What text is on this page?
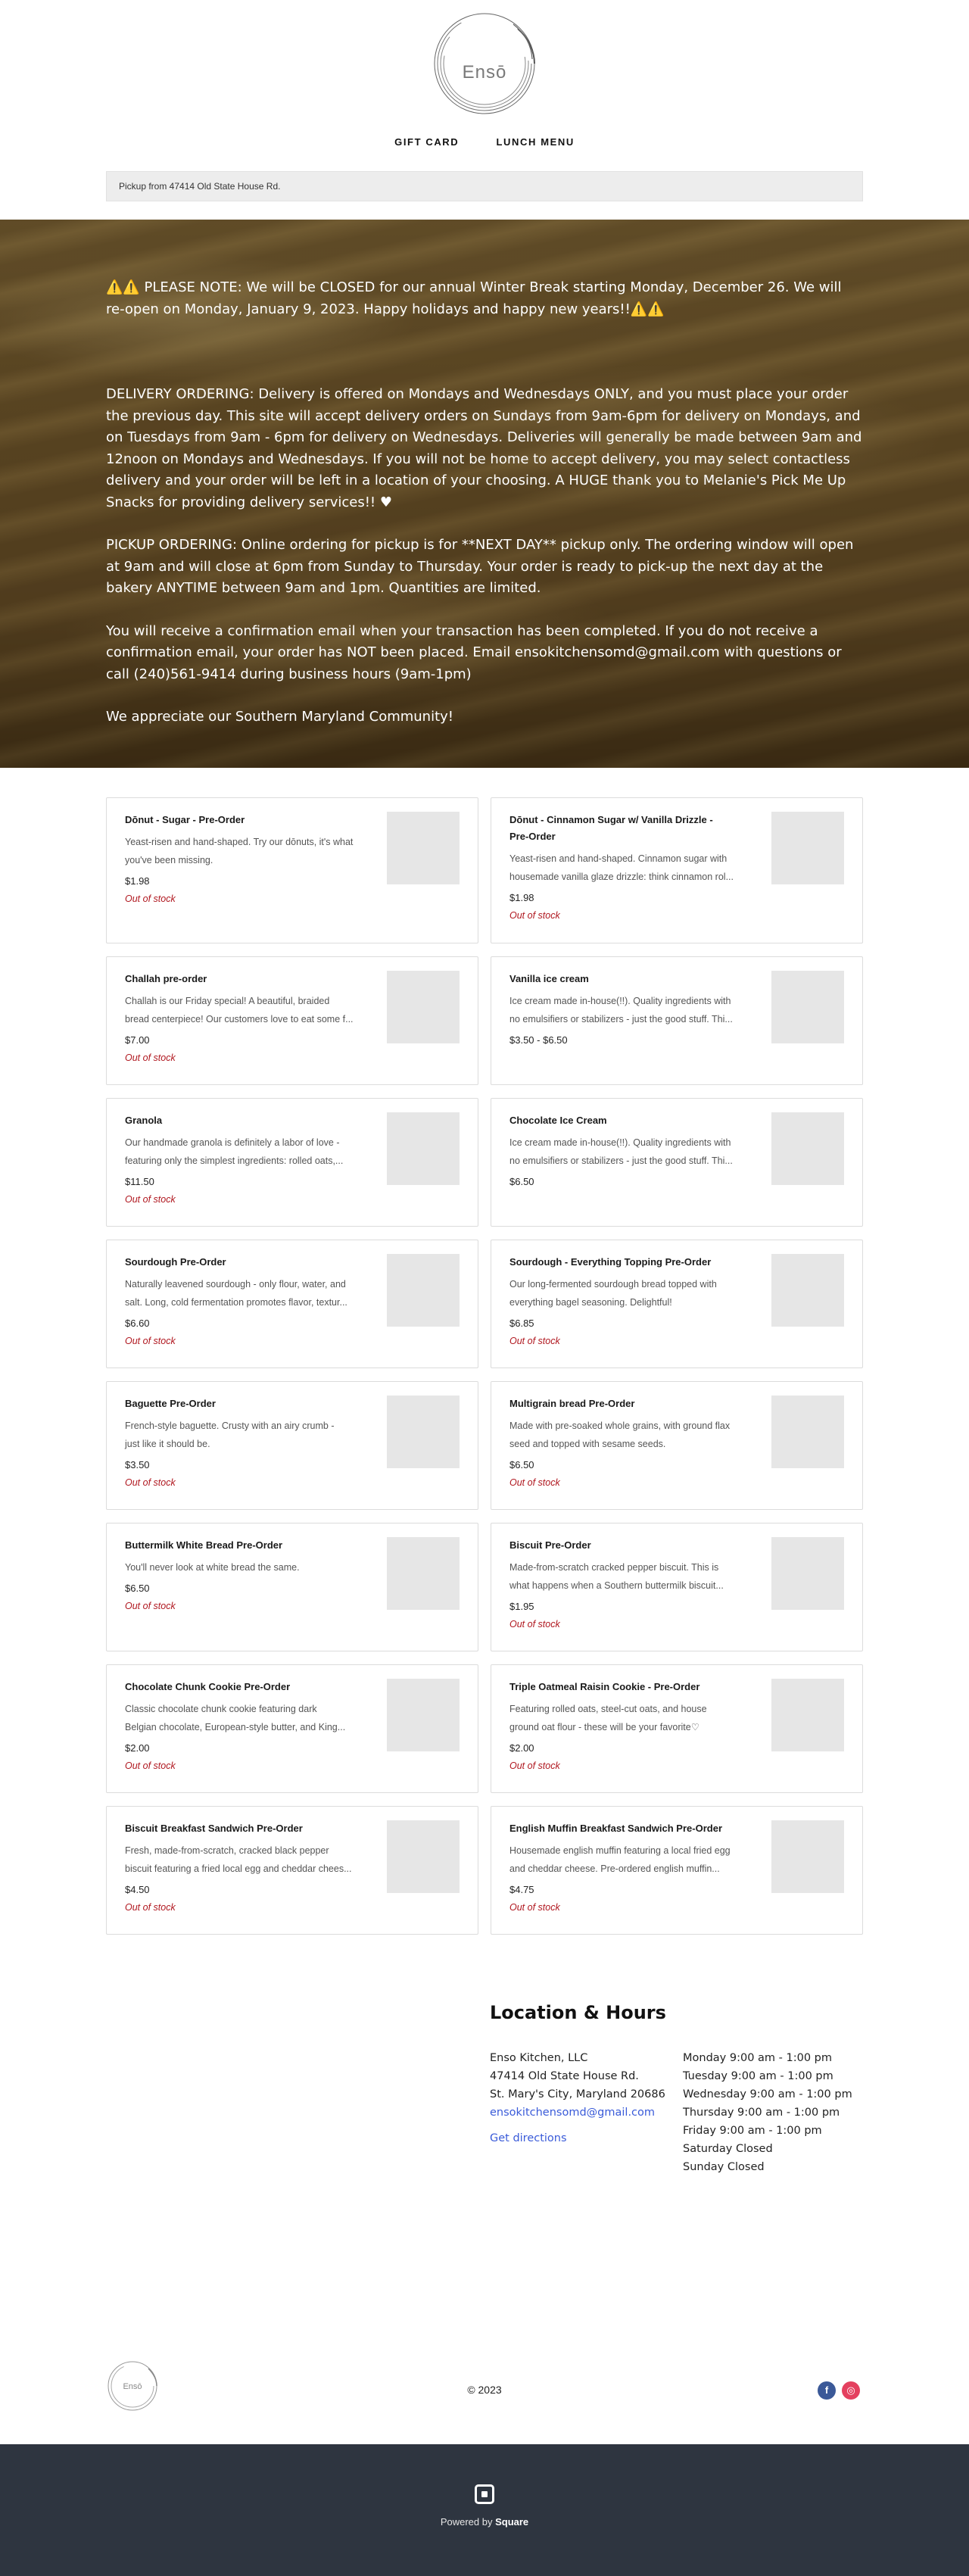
Ensō
GIFT CARD	LUNCH MENU
Pickup from 47414 Old State House Rd.

⚠️⚠️ PLEASE NOTE: We will be CLOSED for our annual Winter Break starting Monday, December 26. We will re-open on Monday, January 9, 2023. Happy holidays and happy new years!!⚠️⚠️

DELIVERY ORDERING: Delivery is offered on Mondays and Wednesdays ONLY, and you must place your order the previous day. This site will accept delivery orders on Sundays from 9am-6pm for delivery on Mondays, and on Tuesdays from 9am - 6pm for delivery on Wednesdays. Deliveries will generally be made between 9am and 12noon on Mondays and Wednesdays. If you will not be home to accept delivery, you may select contactless delivery and your order will be left in a location of your choosing. A HUGE thank you to Melanie's Pick Me Up Snacks for providing delivery services!! ♥

PICKUP ORDERING: Online ordering for pickup is for **NEXT DAY** pickup only. The ordering window will open at 9am and will close at 6pm from Sunday to Thursday. Your order is ready to pick-up the next day at the bakery ANYTIME between 9am and 1pm. Quantities are limited.

You will receive a confirmation email when your transaction has been completed. If you do not receive a confirmation email, your order has NOT been placed. Email ensokitchensomd@gmail.com with questions or call (240)561-9414 during business hours (9am-1pm)

We appreciate our Southern Maryland Community!

Dōnut - Sugar - Pre-Order
Yeast-risen and hand-shaped. Try our dōnuts, it's what
you've been missing.
$1.98
Out of stock
Dōnut - Cinnamon Sugar w/ Vanilla Drizzle -
Pre-Order
Yeast-risen and hand-shaped. Cinnamon sugar with
housemade vanilla glaze drizzle: think cinnamon rol...
$1.98
Out of stock
Challah pre-order
Challah is our Friday special! A beautiful, braided
bread centerpiece! Our customers love to eat some f...
$7.00
Out of stock
Vanilla ice cream
Ice cream made in-house(!!). Quality ingredients with
no emulsifiers or stabilizers - just the good stuff. Thi...
$3.50 - $6.50
Granola
Our handmade granola is definitely a labor of love -
featuring only the simplest ingredients: rolled oats,...
$11.50
Out of stock
Chocolate Ice Cream
Ice cream made in-house(!!). Quality ingredients with
no emulsifiers or stabilizers - just the good stuff. Thi...
$6.50
Sourdough Pre-Order
Naturally leavened sourdough - only flour, water, and
salt. Long, cold fermentation promotes flavor, textur...
$6.60
Out of stock
Sourdough - Everything Topping Pre-Order
Our long-fermented sourdough bread topped with
everything bagel seasoning. Delightful!
$6.85
Out of stock
Baguette Pre-Order
French-style baguette. Crusty with an airy crumb -
just like it should be.
$3.50
Out of stock
Multigrain bread Pre-Order
Made with pre-soaked whole grains, with ground flax
seed and topped with sesame seeds.
$6.50
Out of stock
Buttermilk White Bread Pre-Order
You'll never look at white bread the same.
$6.50
Out of stock
Biscuit Pre-Order
Made-from-scratch cracked pepper biscuit. This is
what happens when a Southern buttermilk biscuit...
$1.95
Out of stock
Chocolate Chunk Cookie Pre-Order
Classic chocolate chunk cookie featuring dark
Belgian chocolate, European-style butter, and King...
$2.00
Out of stock
Triple Oatmeal Raisin Cookie - Pre-Order
Featuring rolled oats, steel-cut oats, and house
ground oat flour - these will be your favorite♡
$2.00
Out of stock
Biscuit Breakfast Sandwich Pre-Order
Fresh, made-from-scratch, cracked black pepper
biscuit featuring a fried local egg and cheddar chees...
$4.50
Out of stock
English Muffin Breakfast Sandwich Pre-Order
Housemade english muffin featuring a local fried egg
and cheddar cheese. Pre-ordered english muffin...
$4.75
Out of stock
Location & Hours
Enso Kitchen, LLC
47414 Old State House Rd.
St. Mary's City, Maryland 20686
ensokitchensomd@gmail.com
Get directions
Monday 9:00 am - 1:00 pm
Tuesday 9:00 am - 1:00 pm
Wednesday 9:00 am - 1:00 pm
Thursday 9:00 am - 1:00 pm
Friday 9:00 am - 1:00 pm
Saturday Closed
Sunday Closed
Ensō	© 2023	f	◎
Powered by Square
